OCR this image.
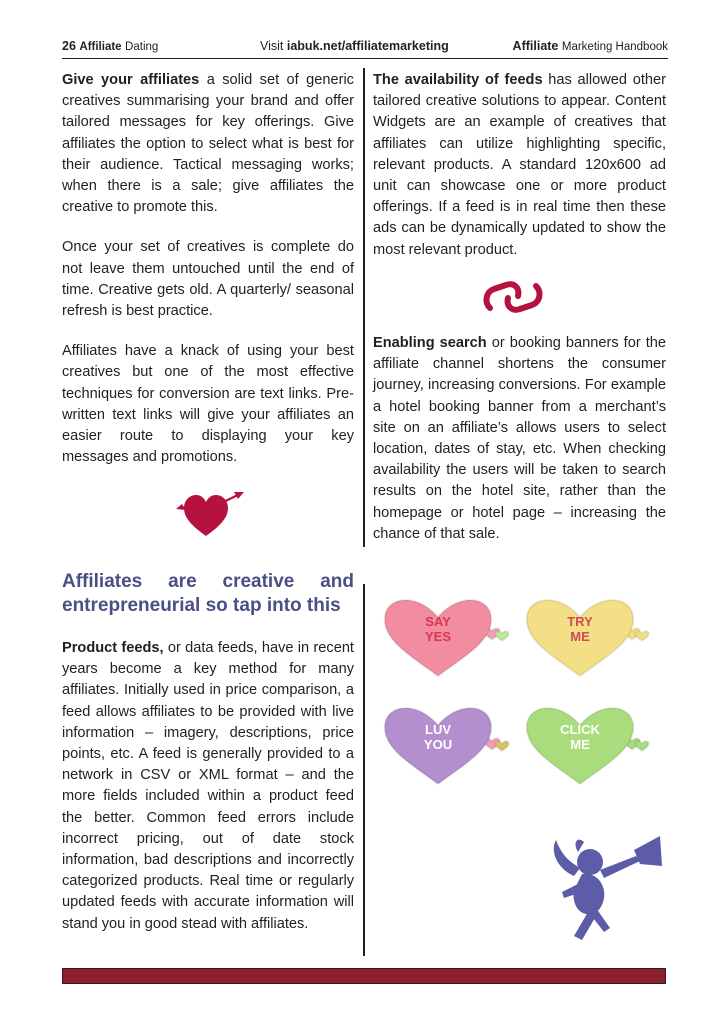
26 Affiliate Dating	Visit iabuk.net/affiliatemarketing	Affiliate Marketing Handbook

Give your affiliates a solid set of generic creatives summarising your brand and offer tailored messages for key offerings. Give affiliates the option to select what is best for their audience. Tactical messaging works; when there is a sale; give affiliates the creative to promote this.

Once your set of creatives is complete do not leave them untouched until the end of time. Creative gets old. A quarterly/ seasonal refresh is best practice.

Affiliates have a knack of using your best creatives but one of the most effective techniques for conversion are text links. Pre-written text links will give your affiliates an easier route to displaying your key messages and promotions.

Affiliates are creative and

entrepreneurial so tap into this

Product feeds, or data feeds, have in recent years become a key method for many affiliates. Initially used in price comparison, a feed allows affiliates to be provided with live information – imagery, descriptions, price points, etc. A feed is generally provided to a network in CSV or XML format – and the more fields included within a product feed the better. Common feed errors include incorrect pricing, out of date stock information, bad descriptions and incorrectly categorized products. Real time or regularly updated feeds with accurate information will stand you in good stead with affiliates.

The availability of feeds has allowed other tailored creative solutions to appear. Content Widgets are an example of creatives that affiliates can utilize highlighting specific, relevant products. A standard 120x600 ad unit can showcase one or more product offerings. If a feed is in real time then these ads can be dynamically updated to show the most relevant product.

Enabling search or booking banners for the affiliate channel shortens the consumer journey, increasing conversions. For example a hotel booking banner from a merchant’s site on an affiliate’s allows users to select location, dates of stay, etc. When checking availability the users will be taken to search results on the hotel site, rather than the homepage or hotel page – increasing the chance of that sale.

SAY
YES
TRY
ME
LUV
YOU
CLICK
ME
